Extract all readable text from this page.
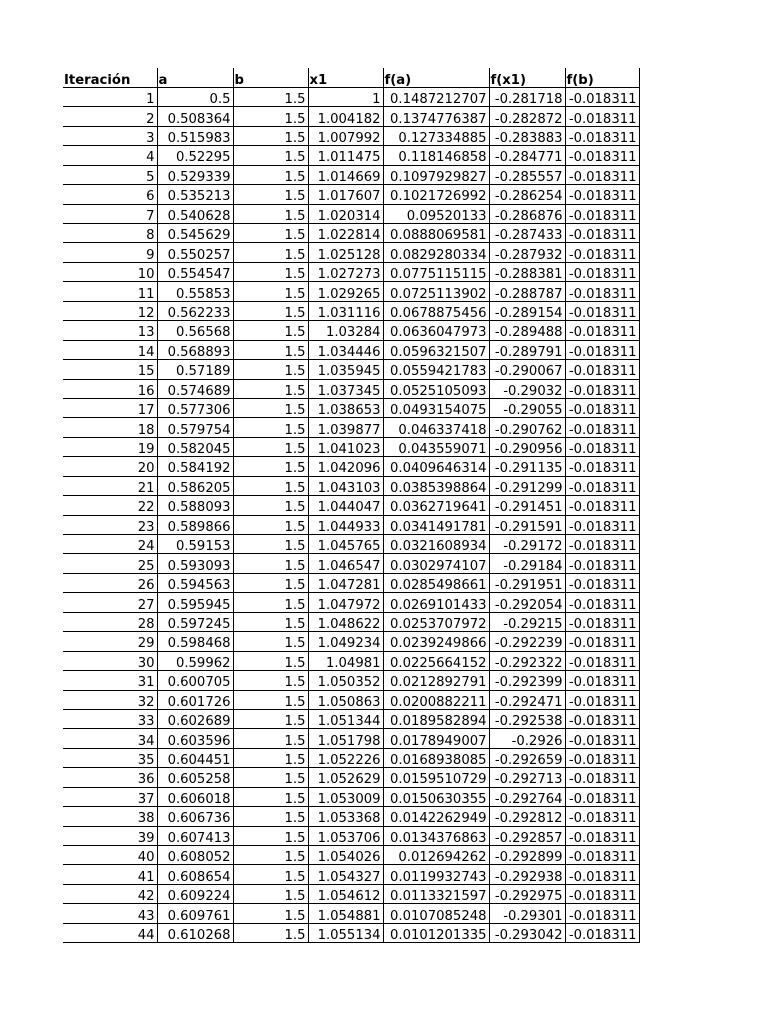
Iteración	a	b	x1	f(a)	f(x1)	f(b)
1	0.5	1.5	1	0.1487212707	-0.281718	-0.018311
2	0.508364	1.5	1.004182	0.1374776387	-0.282872	-0.018311
3	0.515983	1.5	1.007992	0.127334885	-0.283883	-0.018311
4	0.52295	1.5	1.011475	0.118146858	-0.284771	-0.018311
5	0.529339	1.5	1.014669	0.1097929827	-0.285557	-0.018311
6	0.535213	1.5	1.017607	0.1021726992	-0.286254	-0.018311
7	0.540628	1.5	1.020314	0.09520133	-0.286876	-0.018311
8	0.545629	1.5	1.022814	0.0888069581	-0.287433	-0.018311
9	0.550257	1.5	1.025128	0.0829280334	-0.287932	-0.018311
10	0.554547	1.5	1.027273	0.0775115115	-0.288381	-0.018311
11	0.55853	1.5	1.029265	0.0725113902	-0.288787	-0.018311
12	0.562233	1.5	1.031116	0.0678875456	-0.289154	-0.018311
13	0.56568	1.5	1.03284	0.0636047973	-0.289488	-0.018311
14	0.568893	1.5	1.034446	0.0596321507	-0.289791	-0.018311
15	0.57189	1.5	1.035945	0.0559421783	-0.290067	-0.018311
16	0.574689	1.5	1.037345	0.0525105093	-0.29032	-0.018311
17	0.577306	1.5	1.038653	0.0493154075	-0.29055	-0.018311
18	0.579754	1.5	1.039877	0.046337418	-0.290762	-0.018311
19	0.582045	1.5	1.041023	0.043559071	-0.290956	-0.018311
20	0.584192	1.5	1.042096	0.0409646314	-0.291135	-0.018311
21	0.586205	1.5	1.043103	0.0385398864	-0.291299	-0.018311
22	0.588093	1.5	1.044047	0.0362719641	-0.291451	-0.018311
23	0.589866	1.5	1.044933	0.0341491781	-0.291591	-0.018311
24	0.59153	1.5	1.045765	0.0321608934	-0.29172	-0.018311
25	0.593093	1.5	1.046547	0.0302974107	-0.29184	-0.018311
26	0.594563	1.5	1.047281	0.0285498661	-0.291951	-0.018311
27	0.595945	1.5	1.047972	0.0269101433	-0.292054	-0.018311
28	0.597245	1.5	1.048622	0.0253707972	-0.29215	-0.018311
29	0.598468	1.5	1.049234	0.0239249866	-0.292239	-0.018311
30	0.59962	1.5	1.04981	0.0225664152	-0.292322	-0.018311
31	0.600705	1.5	1.050352	0.0212892791	-0.292399	-0.018311
32	0.601726	1.5	1.050863	0.0200882211	-0.292471	-0.018311
33	0.602689	1.5	1.051344	0.0189582894	-0.292538	-0.018311
34	0.603596	1.5	1.051798	0.0178949007	-0.2926	-0.018311
35	0.604451	1.5	1.052226	0.0168938085	-0.292659	-0.018311
36	0.605258	1.5	1.052629	0.0159510729	-0.292713	-0.018311
37	0.606018	1.5	1.053009	0.0150630355	-0.292764	-0.018311
38	0.606736	1.5	1.053368	0.0142262949	-0.292812	-0.018311
39	0.607413	1.5	1.053706	0.0134376863	-0.292857	-0.018311
40	0.608052	1.5	1.054026	0.012694262	-0.292899	-0.018311
41	0.608654	1.5	1.054327	0.0119932743	-0.292938	-0.018311
42	0.609224	1.5	1.054612	0.0113321597	-0.292975	-0.018311
43	0.609761	1.5	1.054881	0.0107085248	-0.29301	-0.018311
44	0.610268	1.5	1.055134	0.0101201335	-0.293042	-0.018311
